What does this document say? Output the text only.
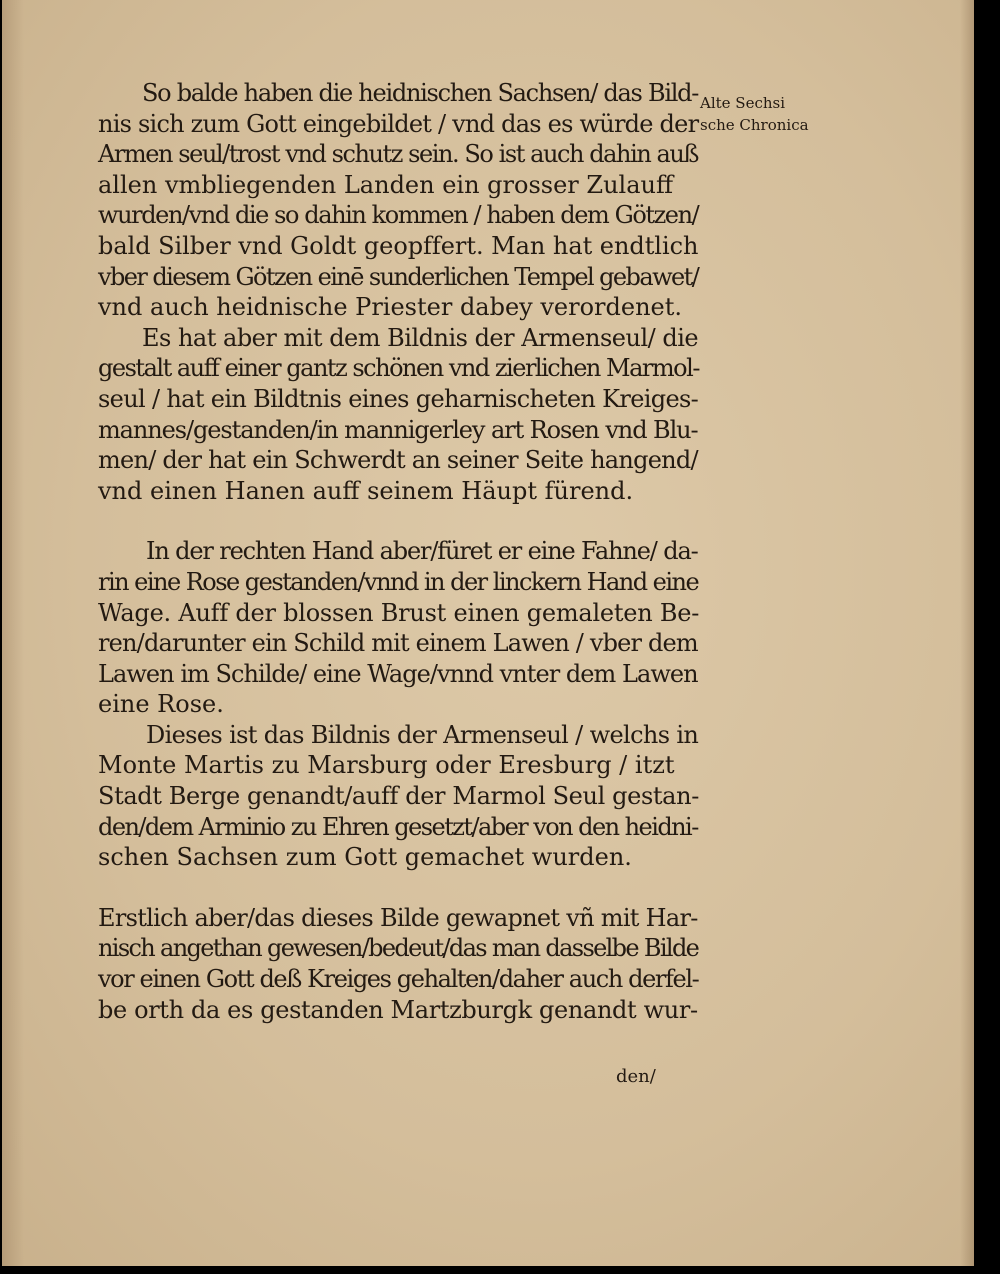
Alte Sechsi
sche Chronica
So balde haben die heidnischen Sachsen/ das Bild-
nis sich zum Gott eingebildet / vnd das es würde der
Armen seul/trost vnd schutz sein. So ist auch dahin auß
allen vmbliegenden Landen ein grosser Zulauff
wurden/vnd die so dahin kommen / haben dem Götzen/
bald Silber vnd Goldt geopffert. Man hat endtlich
vber diesem Götzen einē sunderlichen Tempel gebawet/
vnd auch heidnische Priester dabey verordenet.
Es hat aber mit dem Bildnis der Armenseul/ die
gestalt auff einer gantz schönen vnd zierlichen Marmol-
seul / hat ein Bildtnis eines geharnischeten Kreiges-
mannes/gestanden/in mannigerley art Rosen vnd Blu-
men/ der hat ein Schwerdt an seiner Seite hangend/
vnd einen Hanen auff seinem Häupt fürend.
In der rechten Hand aber/füret er eine Fahne/ da-
rin eine Rose gestanden/vnnd in der linckern Hand eine
Wage. Auff der blossen Brust einen gemaleten Be-
ren/darunter ein Schild mit einem Lawen / vber dem
Lawen im Schilde/ eine Wage/vnnd vnter dem Lawen
eine Rose.
Dieses ist das Bildnis der Armenseul / welchs in
Monte Martis zu Marsburg oder Eresburg / itzt
Stadt Berge genandt/auff der Marmol Seul gestan-
den/dem Arminio zu Ehren gesetzt/aber von den heidni-
schen Sachsen zum Gott gemachet wurden.
Erstlich aber/das dieses Bilde gewapnet vñ mit Har-
nisch angethan gewesen/bedeut/das man dasselbe Bilde
vor einen Gott deß Kreiges gehalten/daher auch derfel-
be orth da es gestanden Martzburgk genandt wur-
den/
